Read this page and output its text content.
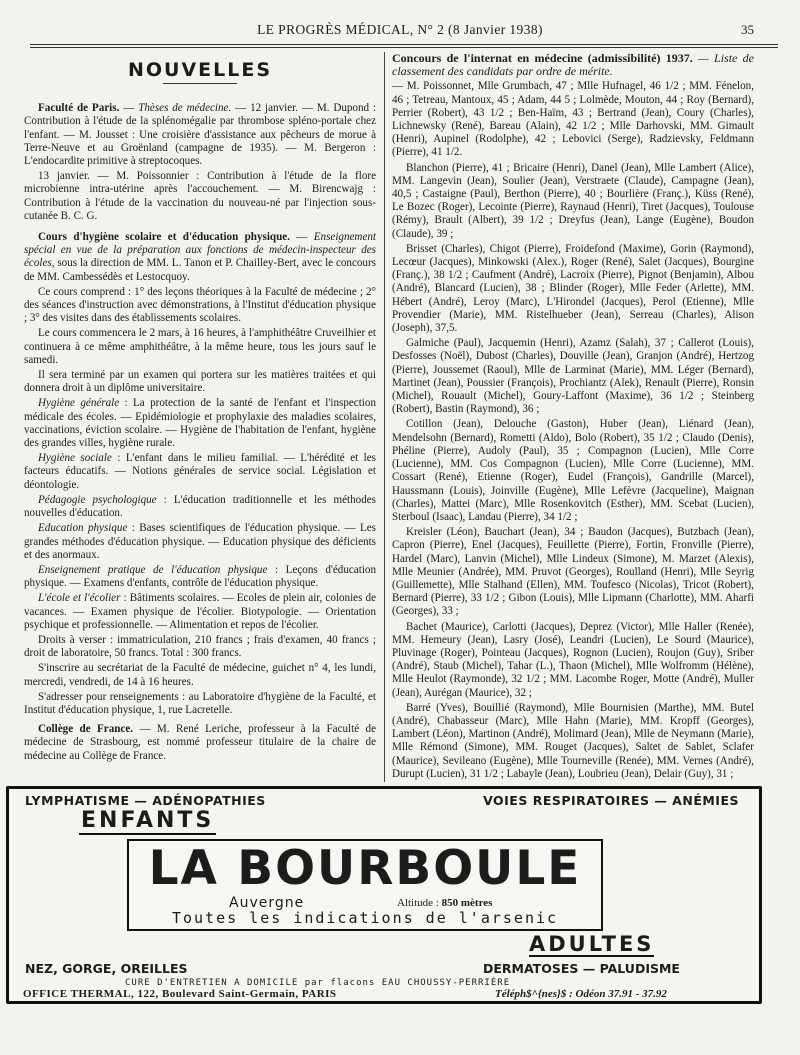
LE PROGRÈS MÉDICAL, N° 2 (8 Janvier 1938)	35
NOUVELLES

Faculté de Paris. — Thèses de médecine. — 12 janvier. — M. Dupond : Contribution à l'étude de la splénomégalie par thrombose spléno-portale chez l'enfant. — M. Jousset : Une croisière d'assistance aux pêcheurs de morue à Terre-Neuve et au Groënland (campagne de 1935). — M. Bergeron : L'endocardite primitive à streptocoques.

13 janvier. — M. Poissonnier : Contribution à l'étude de la flore microbienne intra-utérine après l'accouchement. — M. Birencwajg : Contribution à l'étude de la vaccination du nouveau-né par l'injection sous-cutanée B. C. G.

Cours d'hygiène scolaire et d'éducation physique. — Enseignement spécial en vue de la préparation aux fonctions de médecin-inspecteur des écoles, sous la direction de MM. L. Tanon et P. Chailley-Bert, avec le concours de MM. Cambessédès et Lestocquoy.

Ce cours comprend : 1° des leçons théoriques à la Faculté de médecine ; 2° des séances d'instruction avec démonstrations, à l'Institut d'éducation physique ; 3° des visites dans des établissements scolaires.

Le cours commencera le 2 mars, à 16 heures, à l'amphithéâtre Cruveilhier et continuera à ce même amphithéâtre, à la même heure, tous les jours sauf le samedi.

Il sera terminé par un examen qui portera sur les matières traitées et qui donnera droit à un diplôme universitaire.

Hygiène générale : La protection de la santé de l'enfant et l'inspection médicale des écoles. — Epidémiologie et prophylaxie des maladies scolaires, vaccinations, éviction scolaire. — Hygiène de l'habitation de l'enfant, hygiène des grandes villes, hygiène rurale.

Hygiène sociale : L'enfant dans le milieu familial. — L'hérédité et les facteurs éducatifs. — Notions générales de service social. Législation et déontologie.

Pédagogie psychologique : L'éducation traditionnelle et les méthodes nouvelles d'éducation.

Education physique : Bases scientifiques de l'éducation physique. — Les grandes méthodes d'éducation physique. — Education physique des déficients et des anormaux.

Enseignement pratique de l'éducation physique : Leçons d'éducation physique. — Examens d'enfants, contrôle de l'éducation physique.

L'école et l'écolier : Bâtiments scolaires. — Ecoles de plein air, colonies de vacances. — Examen physique de l'écolier. Biotypologie. — Orientation psychique et professionnelle. — Alimentation et repos de l'écolier.

Droits à verser : immatriculation, 210 francs ; frais d'examen, 40 francs ; droit de laboratoire, 50 francs. Total : 300 francs.

S'inscrire au secrétariat de la Faculté de médecine, guichet n° 4, les lundi, mercredi, vendredi, de 14 à 16 heures.

S'adresser pour renseignements : au Laboratoire d'hygiène de la Faculté, et Institut d'éducation physique, 1, rue Lacretelle.

Collège de France. — M. René Leriche, professeur à la Faculté de médecine de Strasbourg, est nommé professeur titulaire de la chaire de médecine au Collège de France.

Concours de l'internat en médecine (admissibilité) 1937. — Liste de classement des candidats par ordre de mérite.

— M. Poissonnet, Mlle Grumbach, 47 ; Mlle Hufnagel, 46 1/2 ; MM. Fénelon, 46 ; Tetreau, Mantoux, 45 ; Adam, 44 5 ; Lolmède, Mouton, 44 ; Roy (Bernard), Perrier (Robert), 43 1/2 ; Ben-Haïm, 43 ; Bertrand (Jean), Coury (Charles), Lichnewsky (René), Bareau (Alain), 42 1/2 ; Mlle Darhovski, MM. Gimault (Henri), Aupinel (Rodolphe), 42 ; Lebovici (Serge), Radzievsky, Feldmann (Pierre), 41 1/2.

Blanchon (Pierre), 41 ; Bricaire (Henri), Danel (Jean), Mlle Lambert (Alice), MM. Langevin (Jean), Soulier (Jean), Verstraete (Claude), Campagne (Jean), 40,5 ; Castaigne (Paul), Berthon (Pierre), 40 ; Bourlière (Franç.), Küss (René), Le Bozec (Roger), Lecointe (Pierre), Raynaud (Henri), Tiret (Jacques), Toulouse (Rémy), Brault (Albert), 39 1/2 ; Dreyfus (Jean), Lange (Eugène), Boudon (Claude), 39 ;

Brisset (Charles), Chigot (Pierre), Froidefond (Maxime), Gorin (Raymond), Lecœur (Jacques), Minkowski (Alex.), Roger (René), Salet (Jacques), Bourgine (Franç.), 38 1/2 ; Caufment (André), Lacroix (Pierre), Pignot (Benjamin), Albou (André), Blancard (Lucien), 38 ; Blinder (Roger), Mlle Feder (Arlette), MM. Hébert (André), Leroy (Marc), L'Hirondel (Jacques), Perol (Etienne), Mlle Provendier (Marie), MM. Ristelhueber (Jean), Serreau (Charles), Alison (Joseph), 37,5.

Galmiche (Paul), Jacquemin (Henri), Azamz (Salah), 37 ; Callerot (Louis), Desfosses (Noël), Dubost (Charles), Douville (Jean), Granjon (André), Hertzog (Pierre), Joussemet (Raoul), Mlle de Larminat (Marie), MM. Léger (Bernard), Martinet (Jean), Poussier (François), Prochiantz (Alek), Renault (Pierre), Ronsin (Michel), Rouault (Michel), Goury-Laffont (Maxime), 36 1/2 ; Steinberg (Robert), Bastin (Raymond), 36 ;

Cotillon (Jean), Delouche (Gaston), Huber (Jean), Liénard (Jean), Mendelsohn (Bernard), Rometti (Aldo), Bolo (Robert), 35 1/2 ; Claudo (Denis), Phéline (Pierre), Audoly (Paul), 35 ; Compagnon (Lucien), Mlle Corre (Lucienne), MM. Cos Compagnon (Lucien), Mlle Corre (Lucienne), MM. Cossart (René), Etienne (Roger), Eudel (François), Gandrille (Marcel), Haussmann (Louis), Joinville (Eugène), Mlle Lefèvre (Jacqueline), Maignan (Charles), Mattei (Marc), Mlle Rosenkovitch (Esther), MM. Scebat (Lucien), Sterboul (Isaac), Landau (Pierre), 34 1/2 ;

Kreisler (Léon), Bauchart (Jean), 34 ; Baudon (Jacques), Butzbach (Jean), Capron (Pierre), Enel (Jacques), Feuillette (Pierre), Fortin, Fronville (Pierre), Hardel (Marc), Lanvin (Michel), Mlle Lindeux (Simone), M. Marzet (Alexis), Mlle Meunier (Andrée), MM. Pruvot (Georges), Roulland (Henri), Mlle Seyrig (Guillemette), Mlle Stalhand (Ellen), MM. Toufesco (Nicolas), Tricot (Robert), Bernard (Pierre), 33 1/2 ; Gibon (Louis), Mlle Lipmann (Charlotte), MM. Aharfi (Georges), 33 ;

Bachet (Maurice), Carlotti (Jacques), Deprez (Victor), Mlle Haller (Renée), MM. Hemeury (Jean), Lasry (José), Leandri (Lucien), Le Sourd (Maurice), Pluvinage (Roger), Pointeau (Jacques), Rognon (Lucien), Roujon (Guy), Sriber (André), Staub (Michel), Tahar (L.), Thaon (Michel), Mlle Wolfromm (Hélène), Mlle Heulot (Raymonde), 32 1/2 ; MM. Lacombe Roger, Motte (André), Muller (Jean), Aurégan (Maurice), 32 ;

Barré (Yves), Bouillié (Raymond), Mlle Bournisien (Marthe), MM. Butel (André), Chabasseur (Marc), Mlle Hahn (Marie), MM. Kropff (Georges), Lambert (Léon), Martinon (André), Molimard (Jean), Mlle de Neymann (Marie), Mlle Rémond (Simone), MM. Rouget (Jacques), Saltet de Sablet, Sclafer (Maurice), Sevileano (Eugène), Mlle Tourneville (Renée), MM. Vernes (André), Durupt (Lucien), 31 1/2 ; Labayle (Jean), Loubrieu (Jean), Delair (Guy), 31 ;

LYMPHATISME — ADÉNOPATHIES	VOIES RESPIRATOIRES — ANÉMIES
ENFANTS
LA BOURBOULE
Auvergne	Altitude : 850 mètres
Toutes les indications de l'arsenic
ADULTES
NEZ, GORGE, OREILLES	DERMATOSES — PALUDISME
CURE D'ENTRETIEN A DOMICILE par flacons EAU CHOUSSY-PERRIÈRE
OFFICE THERMAL, 122, Boulevard Saint-Germain, PARIS	Téléph$^{nes}$ : Odéon 37.91 - 37.92
